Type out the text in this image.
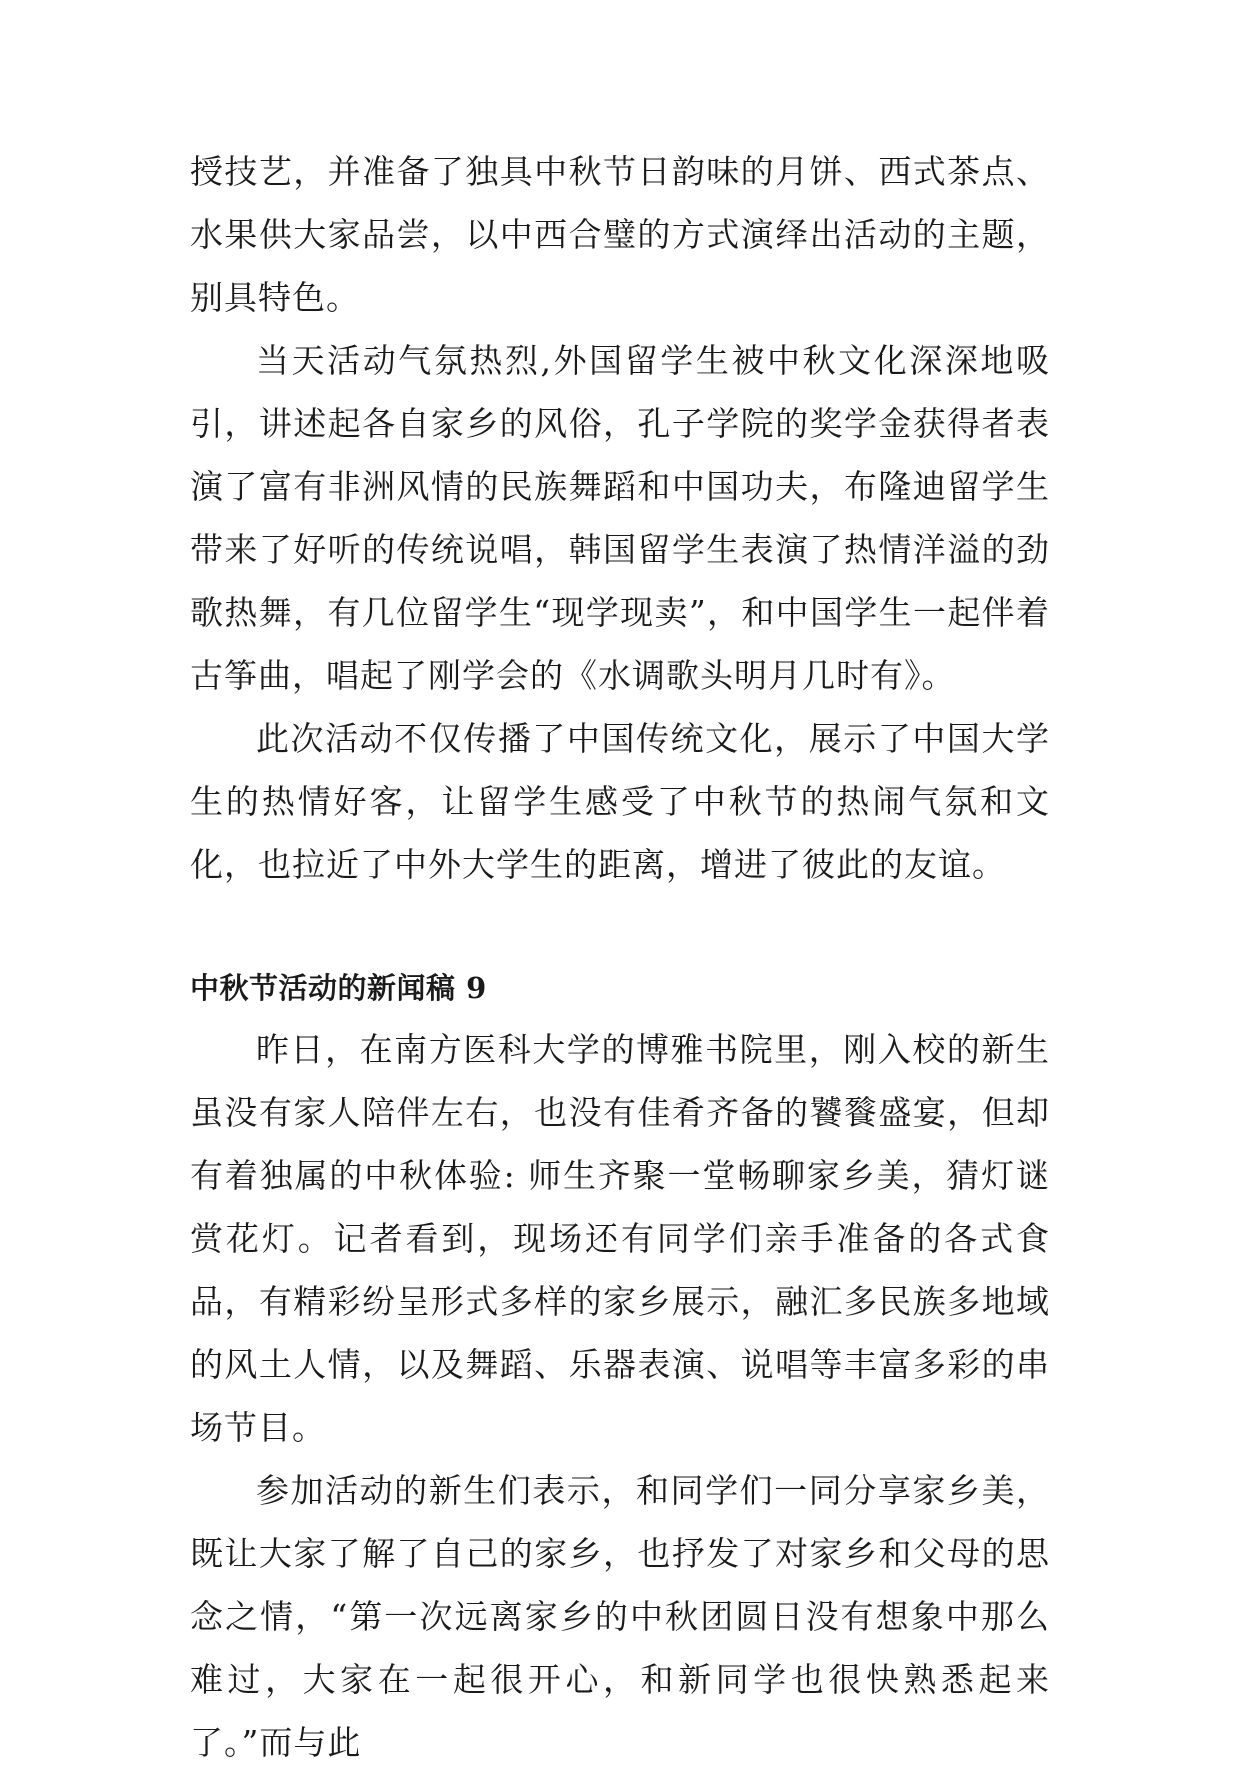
授技艺，并准备了独具中秋节日韵味的月饼、西式茶点、水果供大家品尝，以中西合璧的方式演绎出活动的主题，别具特色。

当天活动气氛热烈,外国留学生被中秋文化深深地吸引，讲述起各自家乡的风俗，孔子学院的奖学金获得者表演了富有非洲风情的民族舞蹈和中国功夫，布隆迪留学生带来了好听的传统说唱，韩国留学生表演了热情洋溢的劲歌热舞，有几位留学生“现学现卖”，和中国学生一起伴着古筝曲，唱起了刚学会的《水调歌头明月几时有》。

此次活动不仅传播了中国传统文化，展示了中国大学生的热情好客，让留学生感受了中秋节的热闹气氛和文化，也拉近了中外大学生的距离，增进了彼此的友谊。

中秋节活动的新闻稿 9

昨日，在南方医科大学的博雅书院里，刚入校的新生虽没有家人陪伴左右，也没有佳肴齐备的饕餮盛宴，但却有着独属的中秋体验: 师生齐聚一堂畅聊家乡美，猜灯谜赏花灯。记者看到，现场还有同学们亲手准备的各式食品，有精彩纷呈形式多样的家乡展示，融汇多民族多地域的风土人情，以及舞蹈、乐器表演、说唱等丰富多彩的串场节目。

参加活动的新生们表示，和同学们一同分享家乡美，既让大家了解了自己的家乡，也抒发了对家乡和父母的思念之情，“第一次远离家乡的中秋团圆日没有想象中那么难过，大家在一起很开心，和新同学也很快熟悉起来了。”而与此
